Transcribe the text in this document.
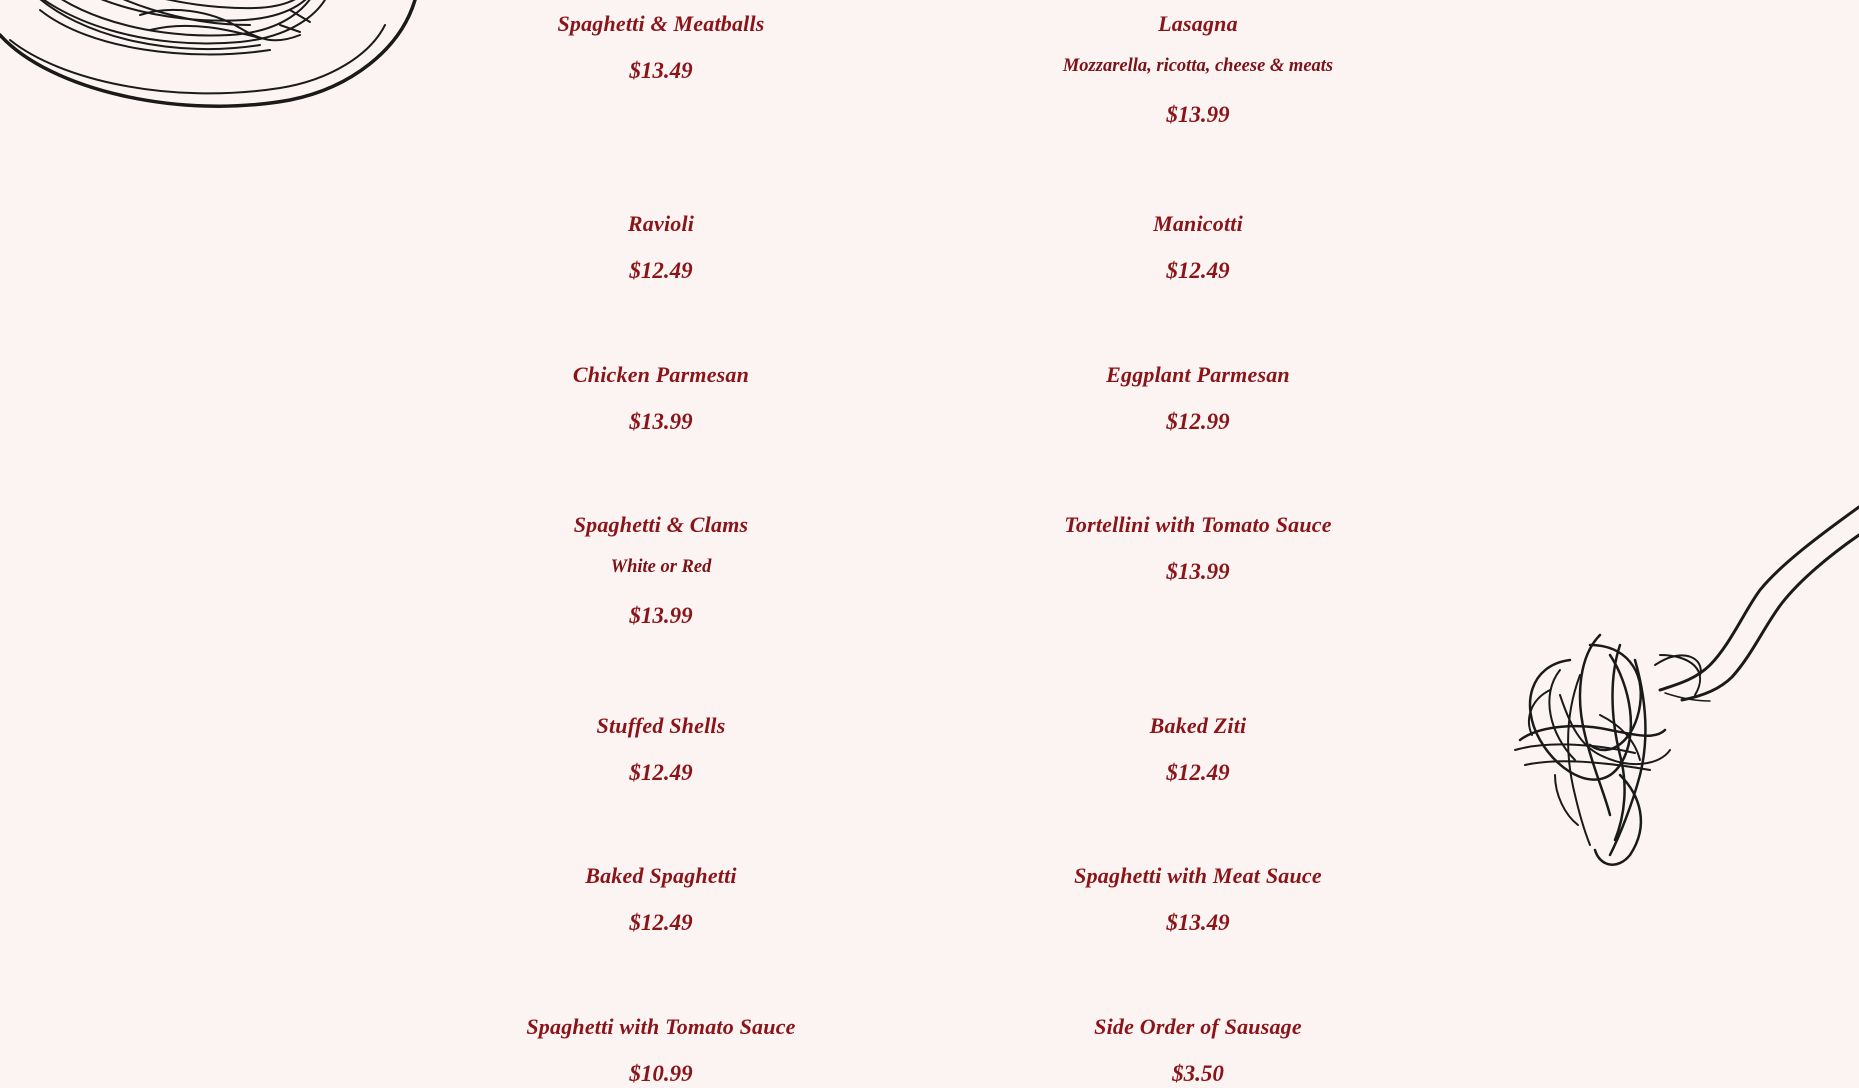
Spaghetti & Meatballs

$13.49

Ravioli

$12.49

Chicken Parmesan

$13.99

Spaghetti & Clams

White or Red

$13.99

Stuffed Shells

$12.49

Baked Spaghetti

$12.49

Spaghetti with Tomato Sauce

$10.99

Lasagna

Mozzarella, ricotta, cheese & meats

$13.99

Manicotti

$12.49

Eggplant Parmesan

$12.99

Tortellini with Tomato Sauce

$13.99

Baked Ziti

$12.49

Spaghetti with Meat Sauce

$13.49

Side Order of Sausage

$3.50
